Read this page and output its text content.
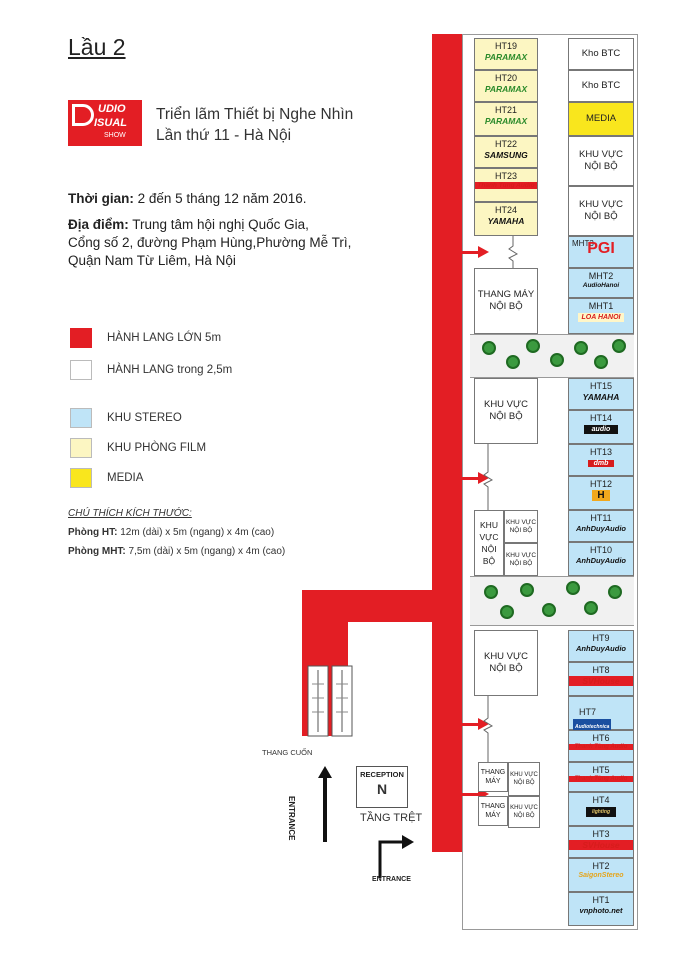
Lầu 2
UDIO
ISUAL
SHOW
Triển lãm Thiết bị Nghe Nhìn
Lần thứ 11 - Hà Nội
Thời gian: 2 đến 5 tháng 12 năm 2016.
Địa điểm: Trung tâm hội nghị Quốc Gia,
Cổng số 2, đường Phạm Hùng,Phường Mễ Trì,
Quận Nam Từ Liêm, Hà Nội
HÀNH LANG LỚN 5m
HÀNH LANG trong 2,5m
KHU STEREO
KHU PHÒNG FILM
MEDIA
CHÚ THÍCH KÍCH THƯỚC:
Phòng HT: 12m (dài) x 5m (ngang) x 4m (cao)
Phòng MHT: 7,5m (dài) x 5m (ngang) x 4m (cao)
HT19
PARAMAX
HT20
PARAMAX
HT21
PARAMAX
HT22
SAMSUNG
HT23
Thanh Tùng Audio
HT24
YAMAHA
Kho BTC
Kho BTC
MEDIA
KHU VỰC
NỘI BỘ
KHU VỰC
NỘI BỘ
MHT3
PGI
MHT2
AudioHanoi
MHT1
LOA HANOI
THANG MÁY
NỘI BỘ
HT15
YAMAHA
HT14
audio
HT13
dmb
HT12
H
HT11
AnhDuyAudio
HT10
AnhDuyAudio
KHU VỰC
NỘI BỘ
KHU
VỰC
NỘI
BỘ
KHU VỰC NỘI BỘ
KHU VỰC NỘI BỘ
HT9
AnhDuyAudio
HT8
SVHouse
HT7 Audiotechnica
HT6
Thanh Tùng Audio
HT5
Thanh Tùng Audio
HT4
lighting
HT3
SVHouse
HT2
SaigonStereo
HT1
vnphoto.net
KHU VỰC
NỘI BỘ
THANG MÁY
THANG MÁY
KHU VỰC NỘI BỘ
KHU VỰC NỘI BỘ
THANG CUỐN
ENTRANCE
RECEPTION
N
TẦNG TRỆT
ENTRANCE
